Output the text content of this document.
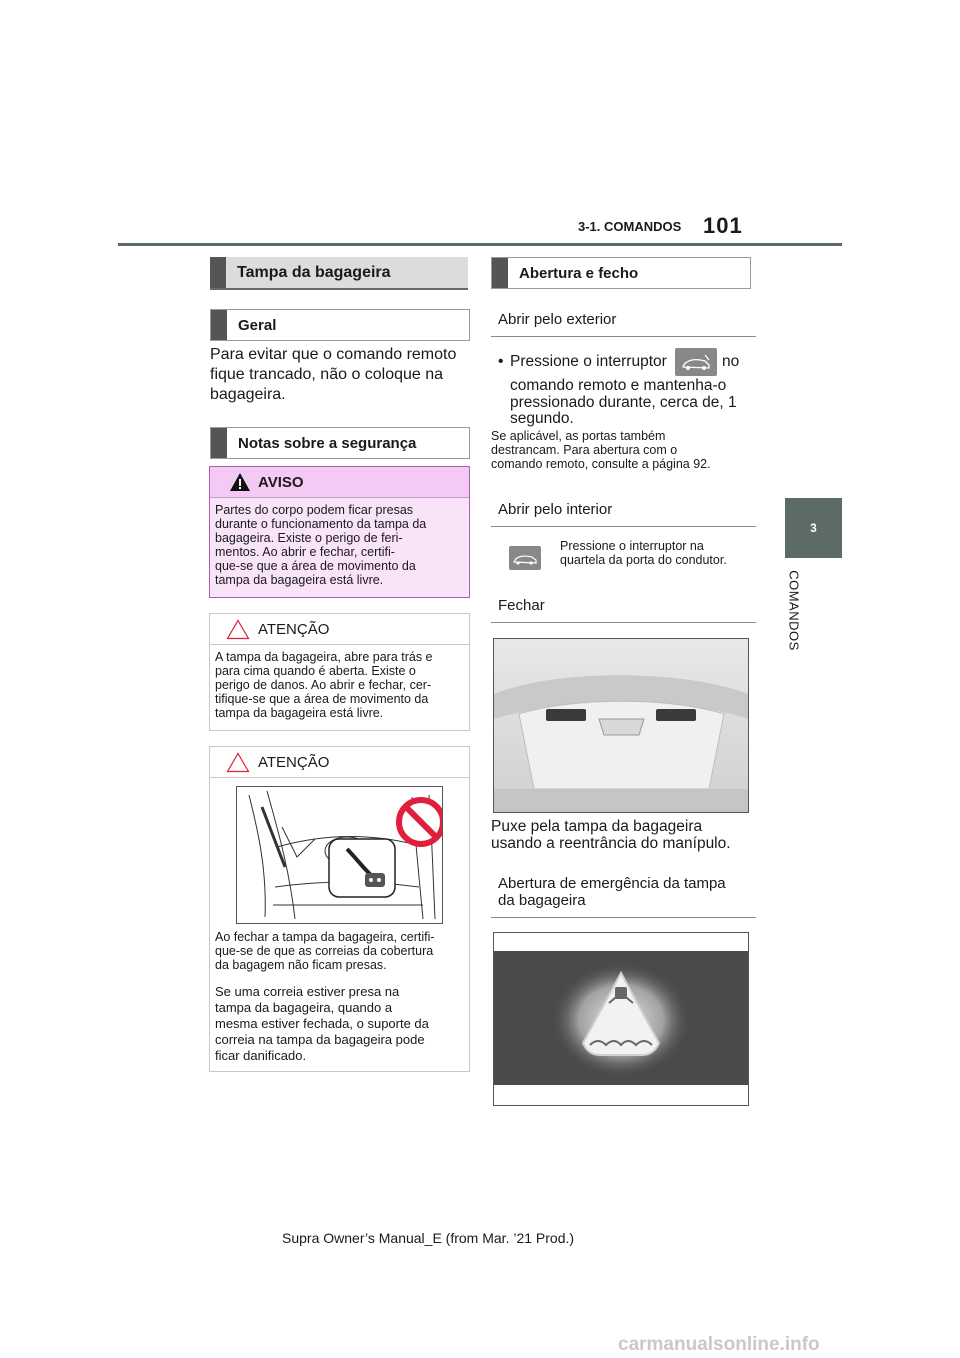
3-1. COMANDOS 101
3
COMANDOS
Tampa da bagageira
Geral
Para evitar que o comando remoto fique trancado, não o coloque na bagageira.
Notas sobre a segurança
AVISO
Partes do corpo podem ficar presas
durante o funcionamento da tampa da
bagageira. Existe o perigo de feri-
mentos. Ao abrir e fechar, certifi-
que-se que a área de movimento da
tampa da bagageira está livre.
ATENÇÃO
A tampa da bagageira, abre para trás e
para cima quando é aberta. Existe o
perigo de danos. Ao abrir e fechar, cer-
tifique-se que a área de movimento da
tampa da bagageira está livre.
ATENÇÃO
Ao fechar a tampa da bagageira, certifi-
que-se de que as correias da cobertura
da bagagem não ficam presas.
Se uma correia estiver presa na
tampa da bagageira, quando a
mesma estiver fechada, o suporte da
correia na tampa da bagageira pode
ficar danificado.
Abertura e fecho
Abrir pelo exterior
• Pressione o interruptor	no
comando remoto e mantenha-o
pressionado durante, cerca de, 1
segundo.
Se aplicável, as portas também
destrancam. Para abertura com o
comando remoto, consulte a página 92.
Abrir pelo interior
Pressione o interruptor na
quartela da porta do condutor.
Fechar
Puxe pela tampa da bagageira
usando a reentrância do manípulo.
Abertura de emergência da tampa
da bagageira
Supra Owner’s Manual_E (from Mar. ’21 Prod.)
carmanualsonline.info
